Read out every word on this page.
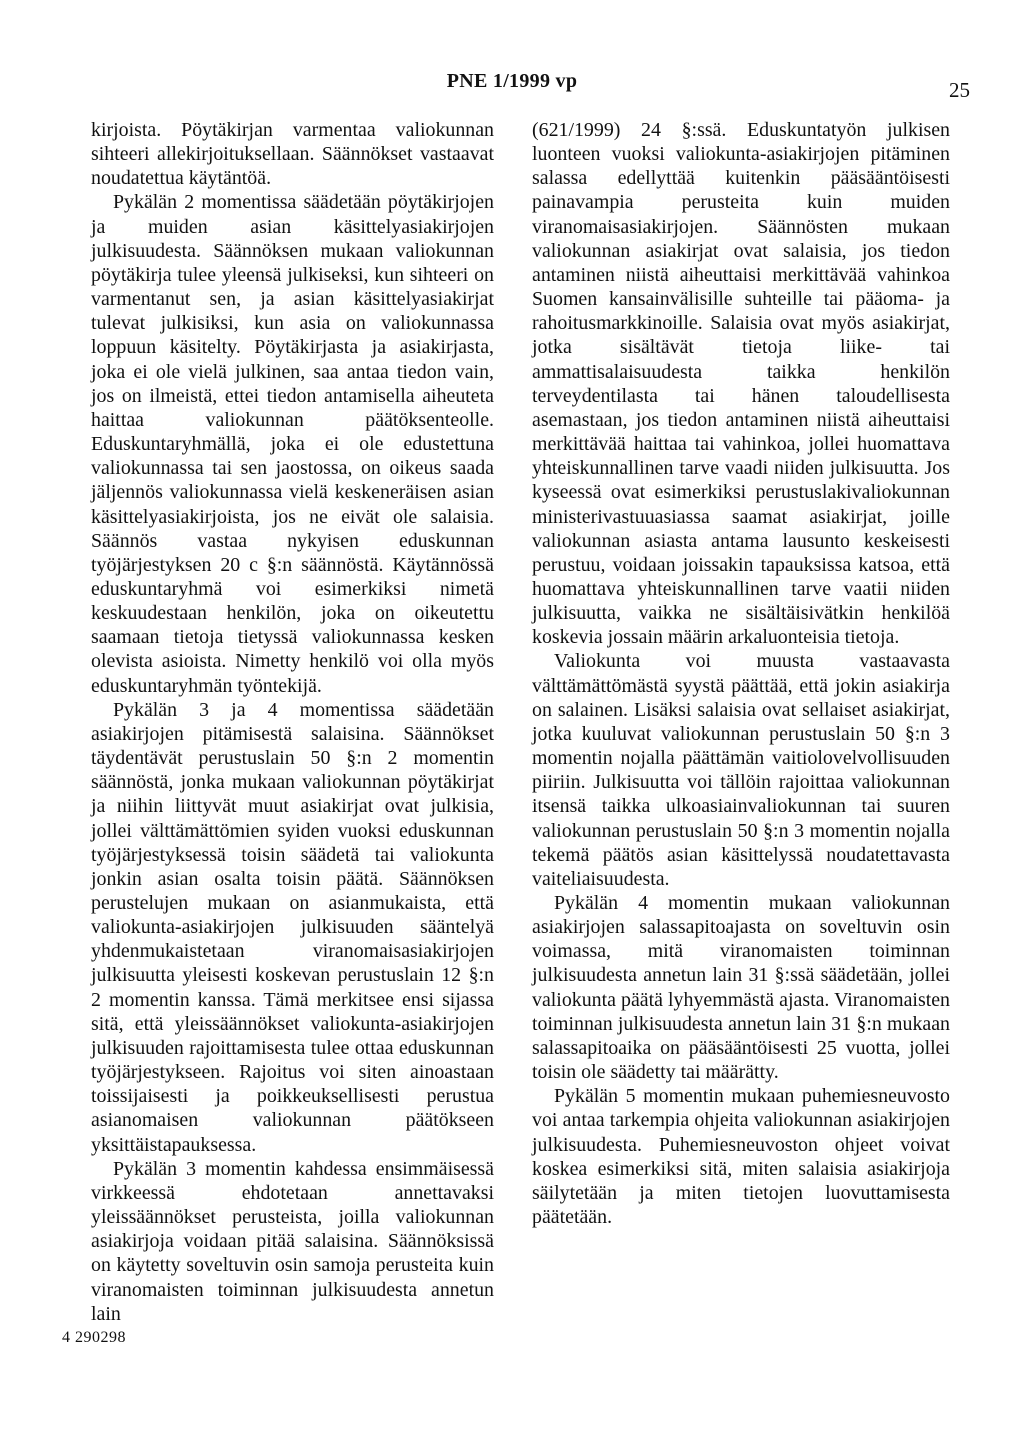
PNE 1/1999 vp	25

kirjoista. Pöytäkirjan varmentaa valiokunnan sihteeri allekirjoituksellaan. Säännökset vastaavat noudatettua käytäntöä.

Pykälän 2 momentissa säädetään pöytäkirjojen ja muiden asian käsittelyasiakirjojen julkisuudesta. Säännöksen mukaan valiokunnan pöytäkirja tulee yleensä julkiseksi, kun sihteeri on varmentanut sen, ja asian käsittelyasiakirjat tulevat julkisiksi, kun asia on valiokunnassa loppuun käsitelty. Pöytäkirjasta ja asiakirjasta, joka ei ole vielä julkinen, saa antaa tiedon vain, jos on ilmeistä, ettei tiedon antamisella aiheuteta haittaa valiokunnan päätöksenteolle. Eduskuntaryhmällä, joka ei ole edustettuna valiokunnassa tai sen jaostossa, on oikeus saada jäljennös valiokunnassa vielä keskeneräisen asian käsittelyasiakirjoista, jos ne eivät ole salaisia. Säännös vastaa nykyisen eduskunnan työjärjestyksen 20 c §:n säännöstä. Käytännössä eduskuntaryhmä voi esimerkiksi nimetä keskuudestaan henkilön, joka on oikeutettu saamaan tietoja tietyssä valiokunnassa kesken olevista asioista. Nimetty henkilö voi olla myös eduskuntaryhmän työntekijä.

Pykälän 3 ja 4 momentissa säädetään asiakirjojen pitämisestä salaisina. Säännökset täydentävät perustuslain 50 §:n 2 momentin säännöstä, jonka mukaan valiokunnan pöytäkirjat ja niihin liittyvät muut asiakirjat ovat julkisia, jollei välttämättömien syiden vuoksi eduskunnan työjärjestyksessä toisin säädetä tai valiokunta jonkin asian osalta toisin päätä. Säännöksen perustelujen mukaan on asianmukaista, että valiokunta-asiakirjojen julkisuuden sääntelyä yhdenmukaistetaan viranomaisasiakirjojen julkisuutta yleisesti koskevan perustuslain 12 §:n 2 momentin kanssa. Tämä merkitsee ensi sijassa sitä, että yleissäännökset valiokunta-asiakirjojen julkisuuden rajoittamisesta tulee ottaa eduskunnan työjärjestykseen. Rajoitus voi siten ainoastaan toissijaisesti ja poikkeuksellisesti perustua asianomaisen valiokunnan päätökseen yksittäistapauksessa.

Pykälän 3 momentin kahdessa ensimmäisessä virkkeessä ehdotetaan annettavaksi yleissäännökset perusteista, joilla valiokunnan asiakirjoja voidaan pitää salaisina. Säännöksissä on käytetty soveltuvin osin samoja perusteita kuin viranomaisten toiminnan julkisuudesta annetun lain

(621/1999) 24 §:ssä. Eduskuntatyön julkisen luonteen vuoksi valiokunta-asiakirjojen pitäminen salassa edellyttää kuitenkin pääsääntöisesti painavampia perusteita kuin muiden viranomaisasiakirjojen. Säännösten mukaan valiokunnan asiakirjat ovat salaisia, jos tiedon antaminen niistä aiheuttaisi merkittävää vahinkoa Suomen kansainvälisille suhteille tai pääoma- ja rahoitusmarkkinoille. Salaisia ovat myös asiakirjat, jotka sisältävät tietoja liike- tai ammattisalaisuudesta taikka henkilön terveydentilasta tai hänen taloudellisesta asemastaan, jos tiedon antaminen niistä aiheuttaisi merkittävää haittaa tai vahinkoa, jollei huomattava yhteiskunnallinen tarve vaadi niiden julkisuutta. Jos kyseessä ovat esimerkiksi perustuslakivaliokunnan ministerivastuuasiassa saamat asiakirjat, joille valiokunnan asiasta antama lausunto keskeisesti perustuu, voidaan joissakin tapauksissa katsoa, että huomattava yhteiskunnallinen tarve vaatii niiden julkisuutta, vaikka ne sisältäisivätkin henkilöä koskevia jossain määrin arkaluonteisia tietoja.

Valiokunta voi muusta vastaavasta välttämättömästä syystä päättää, että jokin asiakirja on salainen. Lisäksi salaisia ovat sellaiset asiakirjat, jotka kuuluvat valiokunnan perustuslain 50 §:n 3 momentin nojalla päättämän vaitiolovelvollisuuden piiriin. Julkisuutta voi tällöin rajoittaa valiokunnan itsensä taikka ulkoasiainvaliokunnan tai suuren valiokunnan perustuslain 50 §:n 3 momentin nojalla tekemä päätös asian käsittelyssä noudatettavasta vaiteliaisuudesta.

Pykälän 4 momentin mukaan valiokunnan asiakirjojen salassapitoajasta on soveltuvin osin voimassa, mitä viranomaisten toiminnan julkisuudesta annetun lain 31 §:ssä säädetään, jollei valiokunta päätä lyhyemmästä ajasta. Viranomaisten toiminnan julkisuudesta annetun lain 31 §:n mukaan salassapitoaika on pääsääntöisesti 25 vuotta, jollei toisin ole säädetty tai määrätty.

Pykälän 5 momentin mukaan puhemiesneuvosto voi antaa tarkempia ohjeita valiokunnan asiakirjojen julkisuudesta. Puhemiesneuvoston ohjeet voivat koskea esimerkiksi sitä, miten salaisia asiakirjoja säilytetään ja miten tietojen luovuttamisesta päätetään.

4 290298
